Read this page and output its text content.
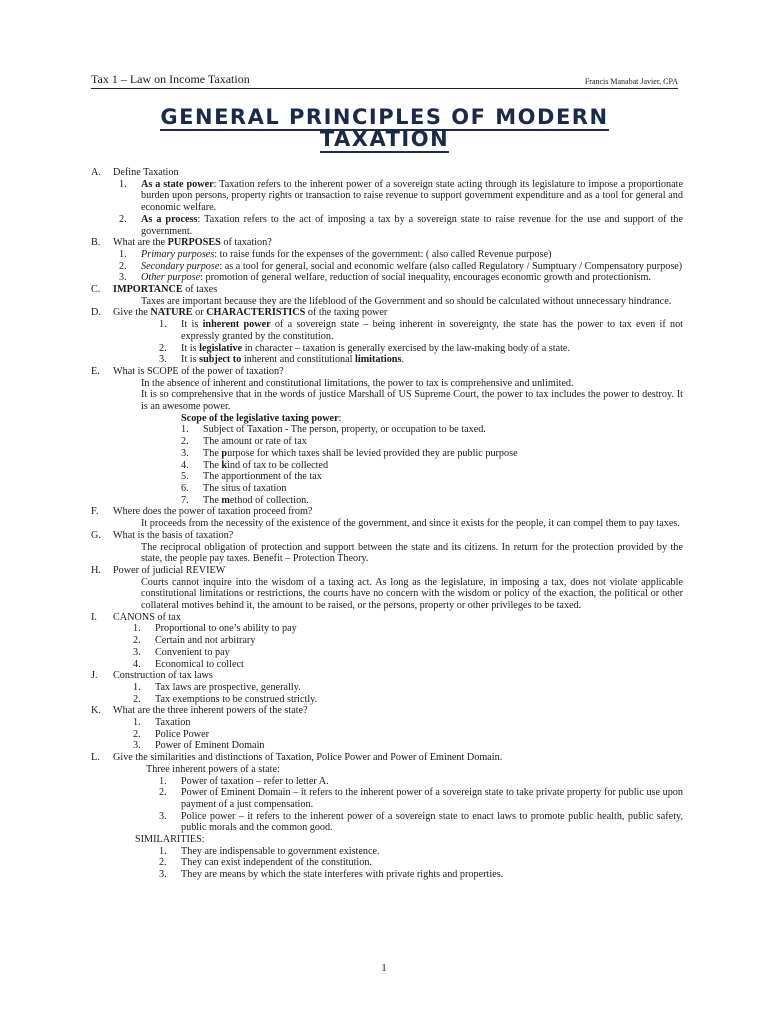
Tax 1 – Law on Income Taxation	Francis Manabat Javier, CPA
GENERAL PRINCIPLES OF MODERN
TAXATION
A. Define Taxation
1. As a state power: Taxation refers to the inherent power of a sovereign state acting through its legislature to impose a proportionate burden upon persons, property rights or transaction to raise revenue to support government expenditure and as a tool for general and economic welfare.
2. As a process: Taxation refers to the act of imposing a tax by a sovereign state to raise revenue for the use and support of the government.
B. What are the PURPOSES of taxation?
1. Primary purposes: to raise funds for the expenses of the government: ( also called Revenue purpose)
2. Secondary purpose: as a tool for general, social and economic welfare (also called Regulatory / Sumptuary / Compensatory purpose)
3. Other purpose: promotion of general welfare, reduction of social inequality, encourages economic growth and protectionism.
C. IMPORTANCE of taxes
Taxes are important because they are the lifeblood of the Government and so should be calculated without unnecessary hindrance.
D. Give the NATURE or CHARACTERISTICS of the taxing power
1. It is inherent power of a sovereign state – being inherent in sovereignty, the state has the power to tax even if not expressly granted by the constitution.
2. It is legislative in character – taxation is generally exercised by the law-making body of a state.
3. It is subject to inherent and constitutional limitations.
E. What is SCOPE of the power of taxation?
In the absence of inherent and constitutional limitations, the power to tax is comprehensive and unlimited.
It is so comprehensive that in the words of justice Marshall of US Supreme Court, the power to tax includes the power to destroy. It is an awesome power.
Scope of the legislative taxing power:
1. Subject of Taxation - The person, property, or occupation to be taxed.
2. The amount or rate of tax
3. The purpose for which taxes shall be levied provided they are public purpose
4. The kind of tax to be collected
5. The apportionment of the tax
6. The situs of taxation
7. The method of collection.
F. Where does the power of taxation proceed from?
It proceeds from the necessity of the existence of the government, and since it exists for the people, it can compel them to pay taxes.
G. What is the basis of taxation?
The reciprocal obligation of protection and support between the state and its citizens. In return for the protection provided by the state, the people pay taxes. Benefit – Protection Theory.
H. Power of judicial REVIEW
Courts cannot inquire into the wisdom of a taxing act. As long as the legislature, in imposing a tax, does not violate applicable constitutional limitations or restrictions, the courts have no concern with the wisdom or policy of the exaction, the political or other collateral motives behind it, the amount to be raised, or the persons, property or other privileges to be taxed.
I. CANONS of tax
1. Proportional to one’s ability to pay
2. Certain and not arbitrary
3. Convenient to pay
4. Economical to collect
J. Construction of tax laws
1. Tax laws are prospective, generally.
2. Tax exemptions to be construed strictly.
K. What are the three inherent powers of the state?
1. Taxation
2. Police Power
3. Power of Eminent Domain
L. Give the similarities and distinctions of Taxation, Police Power and Power of Eminent Domain.
Three inherent powers of a state:
1. Power of taxation – refer to letter A.
2. Power of Eminent Domain – it refers to the inherent power of a sovereign state to take private property for public use upon payment of a just compensation.
3. Police power – it refers to the inherent power of a sovereign state to enact laws to promote public health, public safety, public morals and the common good.
SIMILARITIES:
1. They are indispensable to government existence.
2. They can exist independent of the constitution.
3. They are means by which the state interferes with private rights and properties.
1
